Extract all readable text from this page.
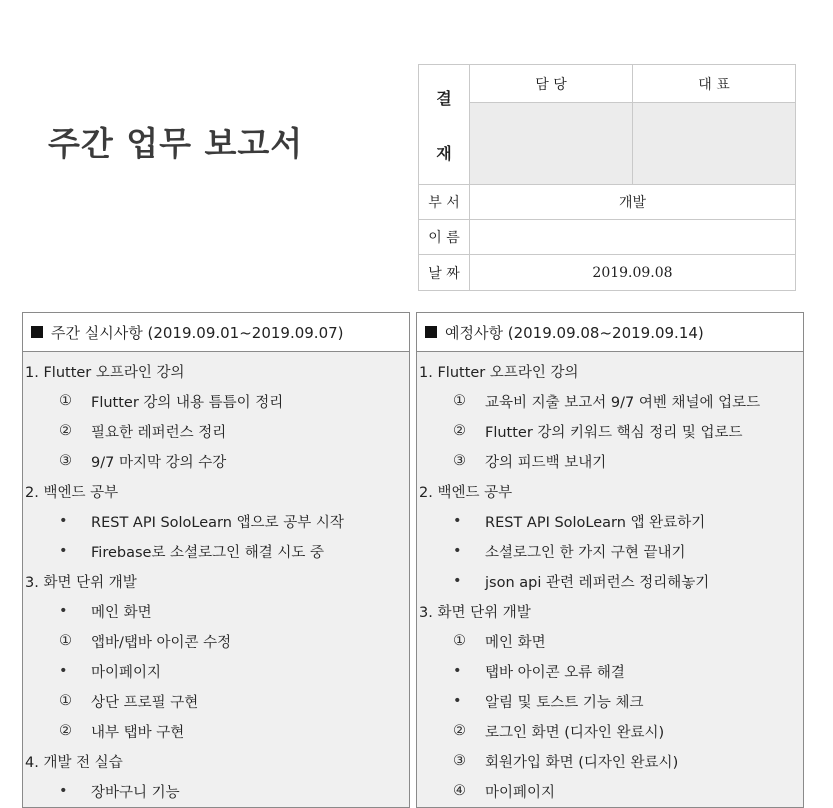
주간 업무 보고서
결
재	담 당	대 표

부 서	개발	
이 름		
날 짜	2019.09.08	
주간 실시사항 (2019.09.01~2019.09.07)
1. Flutter 오프라인 강의
①	Flutter 강의 내용 틈틈이 정리
②	필요한 레퍼런스 정리
③	9/7 마지막 강의 수강
2. 백엔드 공부
•	REST API SoloLearn 앱으로 공부 시작
•	Firebase로 소셜로그인 해결 시도 중
3. 화면 단위 개발
•	메인 화면
①	앱바/탭바 아이콘 수정
•	마이페이지
①	상단 프로필 구현
②	내부 탭바 구현
4. 개발 전 실습
•	장바구니 기능
예정사항 (2019.09.08~2019.09.14)
1. Flutter 오프라인 강의
①	교육비 지출 보고서 9/7 여벤 채널에 업로드
②	Flutter 강의 키워드 핵심 정리 및 업로드
③	강의 피드백 보내기
2. 백엔드 공부
•	REST API SoloLearn 앱 완료하기
•	소셜로그인 한 가지 구현 끝내기
•	json api 관련 레퍼런스 정리해놓기
3. 화면 단위 개발
①	메인 화면
•	탭바 아이콘 오류 해결
•	알림 및 토스트 기능 체크
②	로그인 화면 (디자인 완료시)
③	회원가입 화면 (디자인 완료시)
④	마이페이지
